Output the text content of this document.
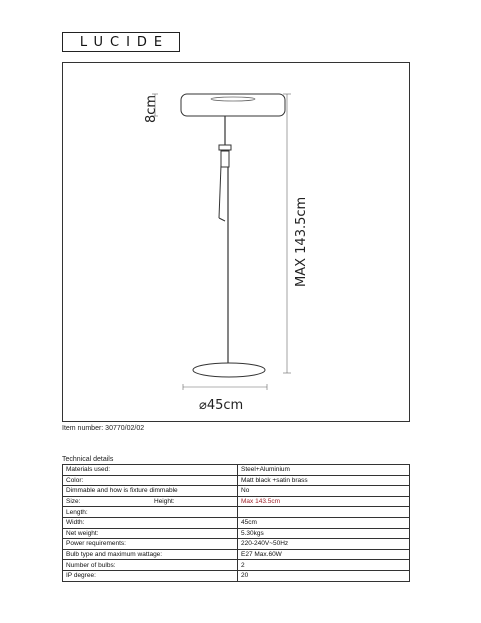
LUCIDE
8cm
MAX 143.5cm
⌀45cm
Item number: 30770/02/02
Technical details
Materials used:	Steel+Aluminium
Color:	Matt black +satin brass
Dimmable and how is fixture dimmable	No
Size: Height:	Max 143.5cm
Length:	
Width:	45cm
Net weight:	5.30kgs
Power requirements:	220-240V~50Hz
Bulb type and maximum wattage:	E27 Max.60W
Number of bulbs:	2
IP degree:	20
